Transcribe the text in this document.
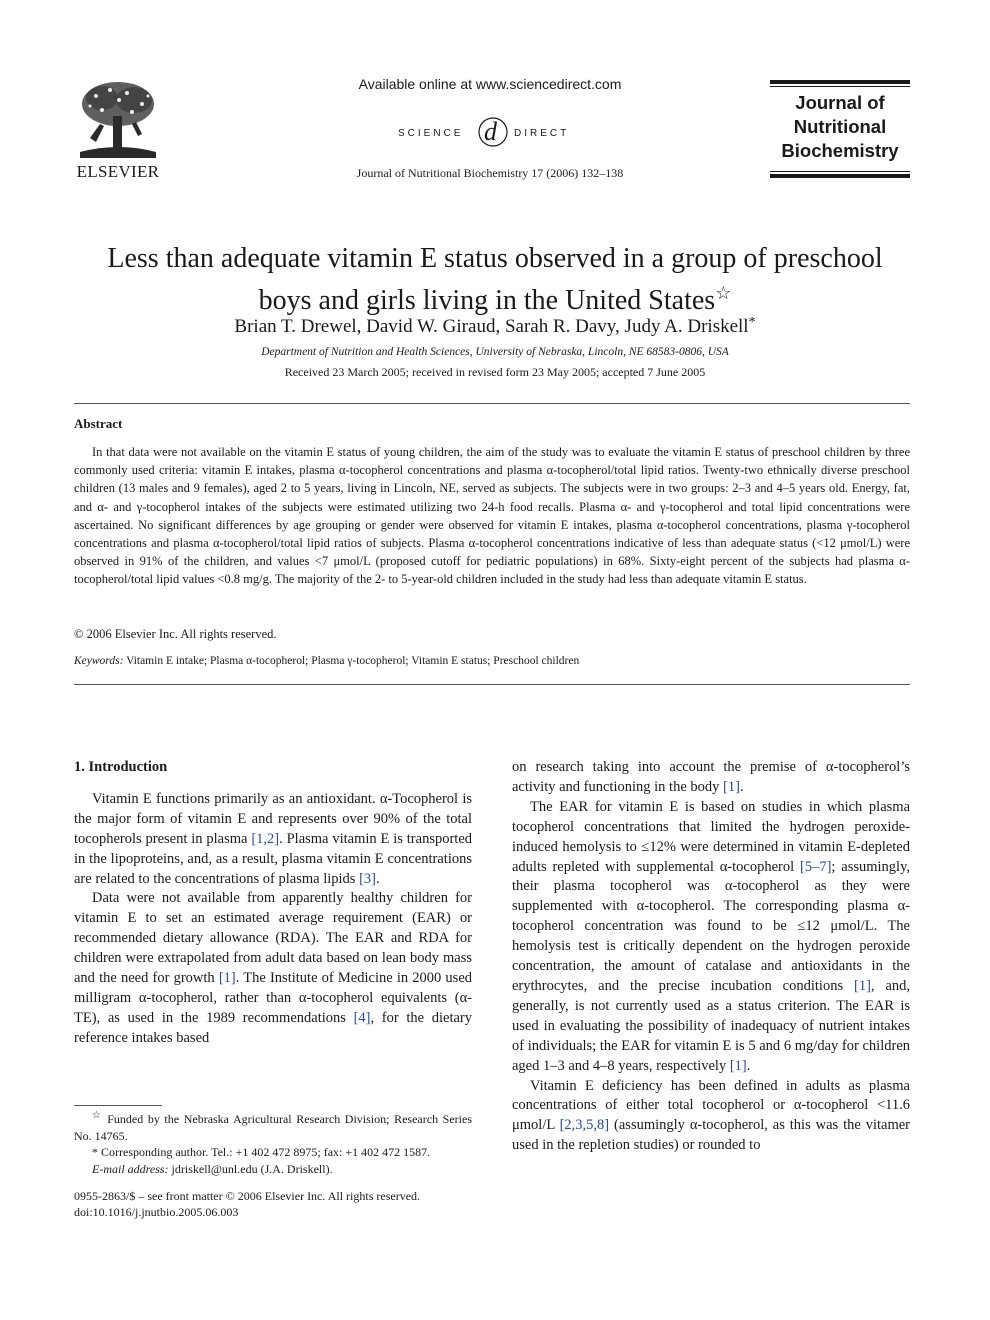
ELSEVIER
Available online at www.sciencedirect.com
SCIENCE d DIRECT
Journal of Nutritional Biochemistry 17 (2006) 132–138
Journal of
Nutritional
Biochemistry
Less than adequate vitamin E status observed in a group of preschool
boys and girls living in the United States☆
Brian T. Drewel, David W. Giraud, Sarah R. Davy, Judy A. Driskell*
Department of Nutrition and Health Sciences, University of Nebraska, Lincoln, NE 68583-0806, USA
Received 23 March 2005; received in revised form 23 May 2005; accepted 7 June 2005
Abstract
In that data were not available on the vitamin E status of young children, the aim of the study was to evaluate the vitamin E status of preschool children by three commonly used criteria: vitamin E intakes, plasma α-tocopherol concentrations and plasma α-tocopherol/total lipid ratios. Twenty-two ethnically diverse preschool children (13 males and 9 females), aged 2 to 5 years, living in Lincoln, NE, served as subjects. The subjects were in two groups: 2–3 and 4–5 years old. Energy, fat, and α- and γ-tocopherol intakes of the subjects were estimated utilizing two 24-h food recalls. Plasma α- and γ-tocopherol and total lipid concentrations were ascertained. No significant differences by age grouping or gender were observed for vitamin E intakes, plasma α-tocopherol concentrations, plasma γ-tocopherol concentrations and plasma α-tocopherol/total lipid ratios of subjects. Plasma α-tocopherol concentrations indicative of less than adequate status (<12 μmol/L) were observed in 91% of the children, and values <7 μmol/L (proposed cutoff for pediatric populations) in 68%. Sixty-eight percent of the subjects had plasma α-tocopherol/total lipid values <0.8 mg/g. The majority of the 2- to 5-year-old children included in the study had less than adequate vitamin E status.
© 2006 Elsevier Inc. All rights reserved.
Keywords: Vitamin E intake; Plasma α-tocopherol; Plasma γ-tocopherol; Vitamin E status; Preschool children

1. Introduction

Vitamin E functions primarily as an antioxidant. α-Tocopherol is the major form of vitamin E and represents over 90% of the total tocopherols present in plasma [1,2]. Plasma vitamin E is transported in the lipoproteins, and, as a result, plasma vitamin E concentrations are related to the concentrations of plasma lipids [3].

Data were not available from apparently healthy children for vitamin E to set an estimated average requirement (EAR) or recommended dietary allowance (RDA). The EAR and RDA for children were extrapolated from adult data based on lean body mass and the need for growth [1]. The Institute of Medicine in 2000 used milligram α-tocopherol, rather than α-tocopherol equivalents (α-TE), as used in the 1989 recommendations [4], for the dietary reference intakes based

on research taking into account the premise of α-tocopherol’s activity and functioning in the body [1].

The EAR for vitamin E is based on studies in which plasma tocopherol concentrations that limited the hydrogen peroxide-induced hemolysis to ≤12% were determined in vitamin E-depleted adults repleted with supplemental α-tocopherol [5–7]; assumingly, their plasma tocopherol was α-tocopherol as they were supplemented with α-tocopherol. The corresponding plasma α-tocopherol concentration was found to be ≤12 μmol/L. The hemolysis test is critically dependent on the hydrogen peroxide concentration, the amount of catalase and antioxidants in the erythrocytes, and the precise incubation conditions [1], and, generally, is not currently used as a status criterion. The EAR is used in evaluating the possibility of inadequacy of nutrient intakes of individuals; the EAR for vitamin E is 5 and 6 mg/day for children aged 1–3 and 4–8 years, respectively [1].

Vitamin E deficiency has been defined in adults as plasma concentrations of either total tocopherol or α-tocopherol <11.6 μmol/L [2,3,5,8] (assumingly α-tocopherol, as this was the vitamer used in the repletion studies) or rounded to

☆ Funded by the Nebraska Agricultural Research Division; Research Series No. 14765.

* Corresponding author. Tel.: +1 402 472 8975; fax: +1 402 472 1587.

E-mail address: jdriskell@unl.edu (J.A. Driskell).

0955-2863/$ – see front matter © 2006 Elsevier Inc. All rights reserved.
doi:10.1016/j.jnutbio.2005.06.003
